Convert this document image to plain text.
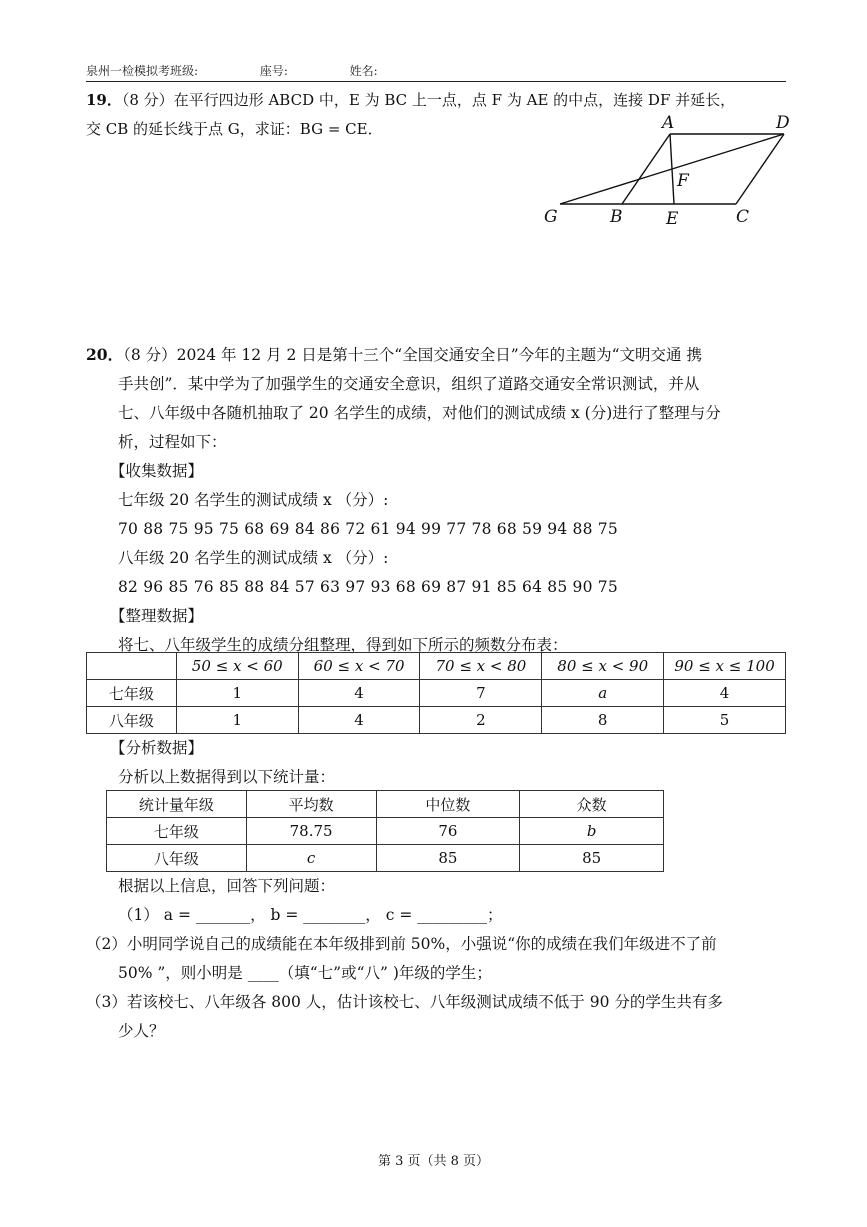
泉州一检模拟考班级:	座号:	姓名:
19．（8 分）在平行四边形 ABCD 中，E 为 BC 上一点，点 F 为 AE 的中点，连接 DF 并延长，
交 CB 的延长线于点 G，求证：BG = CE．	A	D
F
G	B	E	C

20．（8 分）2024 年 12 月 2 日是第十三个“全国交通安全日”今年的主题为“文明交通 携

手共创”．某中学为了加强学生的交通安全意识，组织了道路交通安全常识测试，并从

七、八年级中各随机抽取了 20 名学生的成绩，对他们的测试成绩 x (分)进行了整理与分

析，过程如下：

【收集数据】

七年级 20 名学生的测试成绩 x （分）:

70 88 75 95 75 68 69 84 86 72 61 94 99 77 78 68 59 94 88 75

八年级 20 名学生的测试成绩 x （分）:

82 96 85 76 85 88 84 57 63 97 93 68 69 87 91 85 64 85 90 75

【整理数据】

将七、八年级学生的成绩分组整理，得到如下所示的频数分布表：

	50 ≤ x < 60	60 ≤ x < 70	70 ≤ x < 80	80 ≤ x < 90	90 ≤ x ≤ 100
七年级	1	4	7	a	4
八年级	1	4	2	8	5

【分析数据】

分析以上数据得到以下统计量：

统计量年级	平均数	中位数	众数
七年级	78.75	76	b
八年级	c	85	85

根据以上信息，回答下列问题：

（1） a = _______， b = ________， c = _________；

（2）小明同学说自己的成绩能在本年级排到前 50%，小强说“你的成绩在我们年级进不了前

50% ”，则小明是 ____（填“七”或“八” )年级的学生；

（3）若该校七、八年级各 800 人，估计该校七、八年级测试成绩不低于 90 分的学生共有多

少人？

第 3 页（共 8 页）
